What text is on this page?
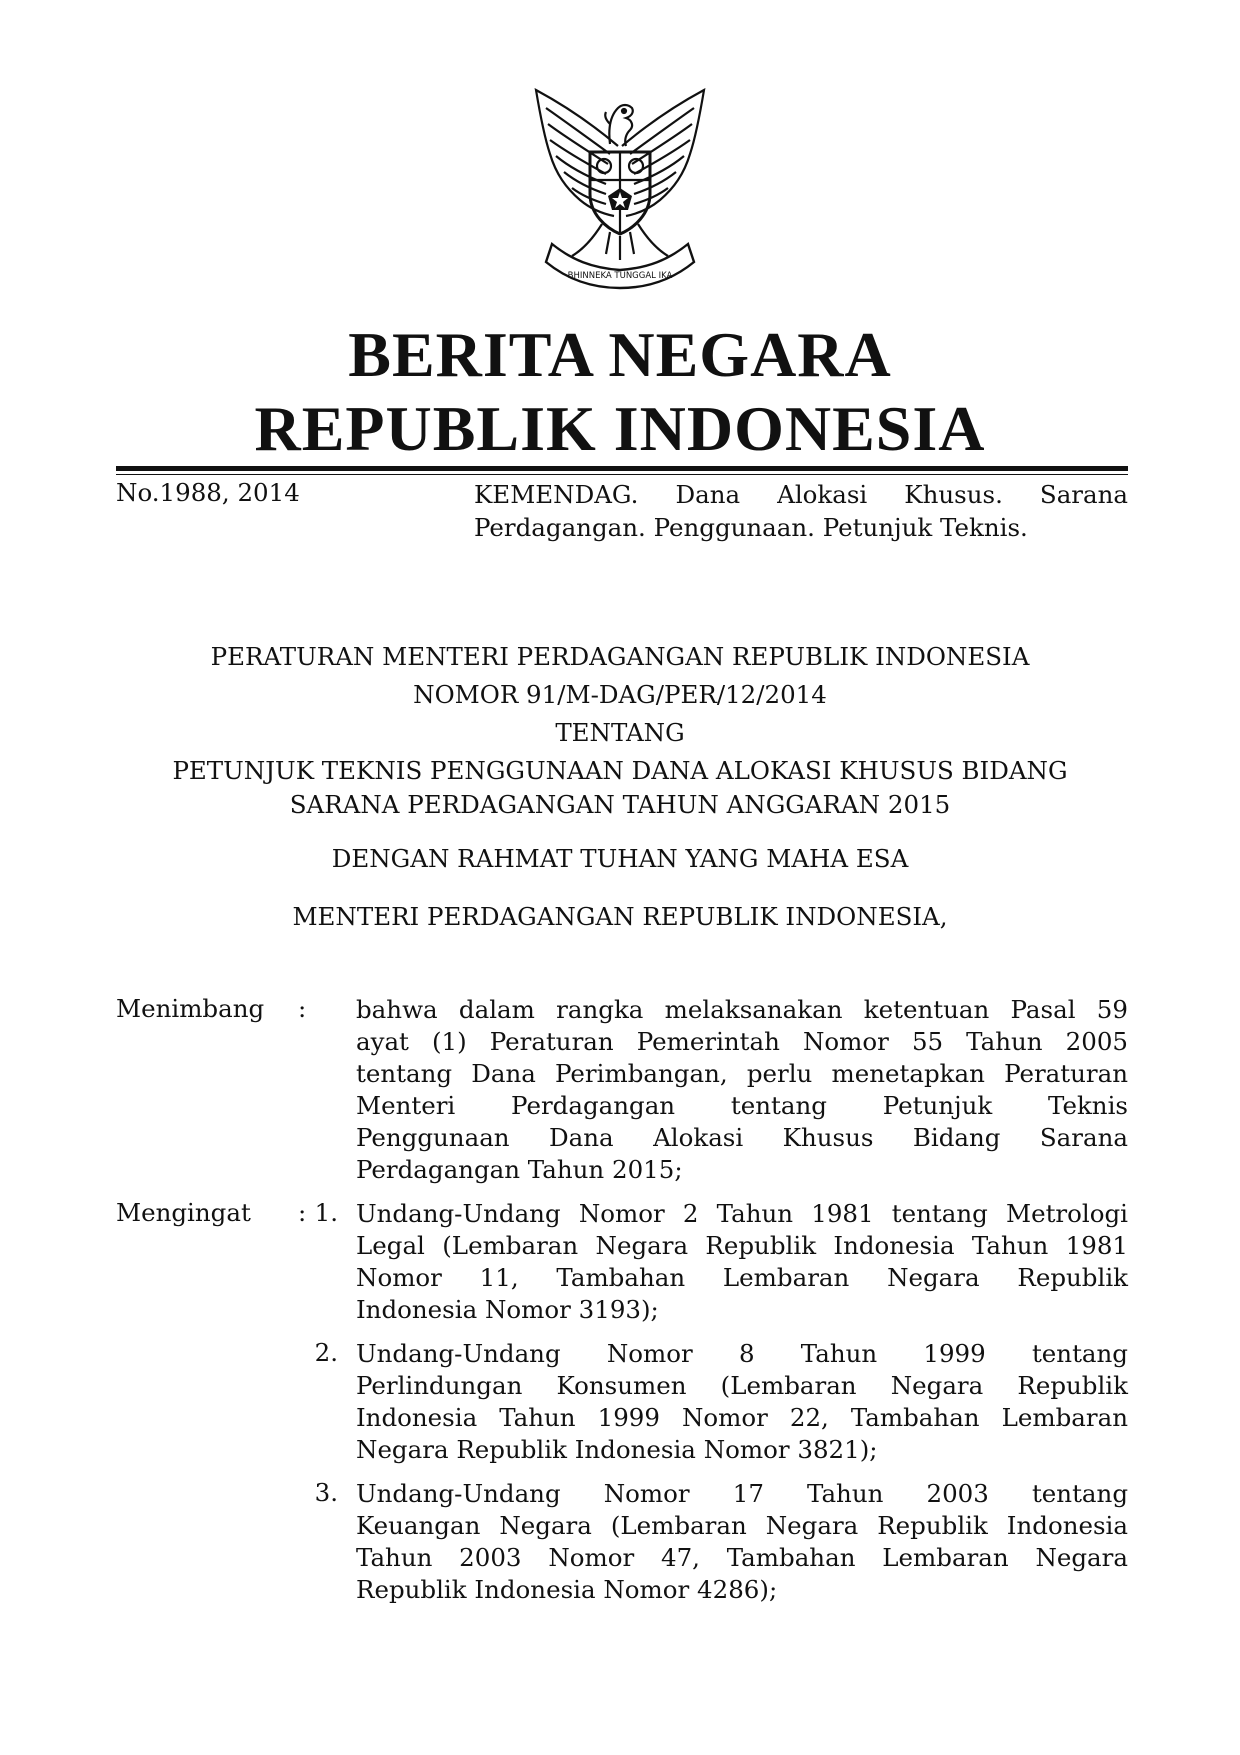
BHINNEKA TUNGGAL IKA
BERITA NEGARA
REPUBLIK INDONESIA
No.1988, 2014	KEMENDAG. Dana Alokasi Khusus. Sarana Perdagangan. Penggunaan. Petunjuk Teknis.
PERATURAN MENTERI PERDAGANGAN REPUBLIK INDONESIA
NOMOR 91/M-DAG/PER/12/2014
TENTANG
PETUNJUK TEKNIS PENGGUNAAN DANA ALOKASI KHUSUS BIDANG
SARANA PERDAGANGAN TAHUN ANGGARAN 2015
DENGAN RAHMAT TUHAN YANG MAHA ESA
MENTERI PERDAGANGAN REPUBLIK INDONESIA,
Menimbang : bahwa dalam rangka melaksanakan ketentuan Pasal 59
ayat (1) Peraturan Pemerintah Nomor 55 Tahun 2005
tentang Dana Perimbangan, perlu menetapkan Peraturan
Menteri Perdagangan tentang Petunjuk Teknis
Penggunaan Dana Alokasi Khusus Bidang Sarana
Perdagangan Tahun 2015;
Mengingat : 1. Undang-Undang Nomor 2 Tahun 1981 tentang Metrologi
Legal (Lembaran Negara Republik Indonesia Tahun 1981
Nomor 11, Tambahan Lembaran Negara Republik
Indonesia Nomor 3193);
2. Undang-Undang Nomor 8 Tahun 1999 tentang
Perlindungan Konsumen (Lembaran Negara Republik
Indonesia Tahun 1999 Nomor 22, Tambahan Lembaran
Negara Republik Indonesia Nomor 3821);
3. Undang-Undang Nomor 17 Tahun 2003 tentang
Keuangan Negara (Lembaran Negara Republik Indonesia
Tahun 2003 Nomor 47, Tambahan Lembaran Negara
Republik Indonesia Nomor 4286);
